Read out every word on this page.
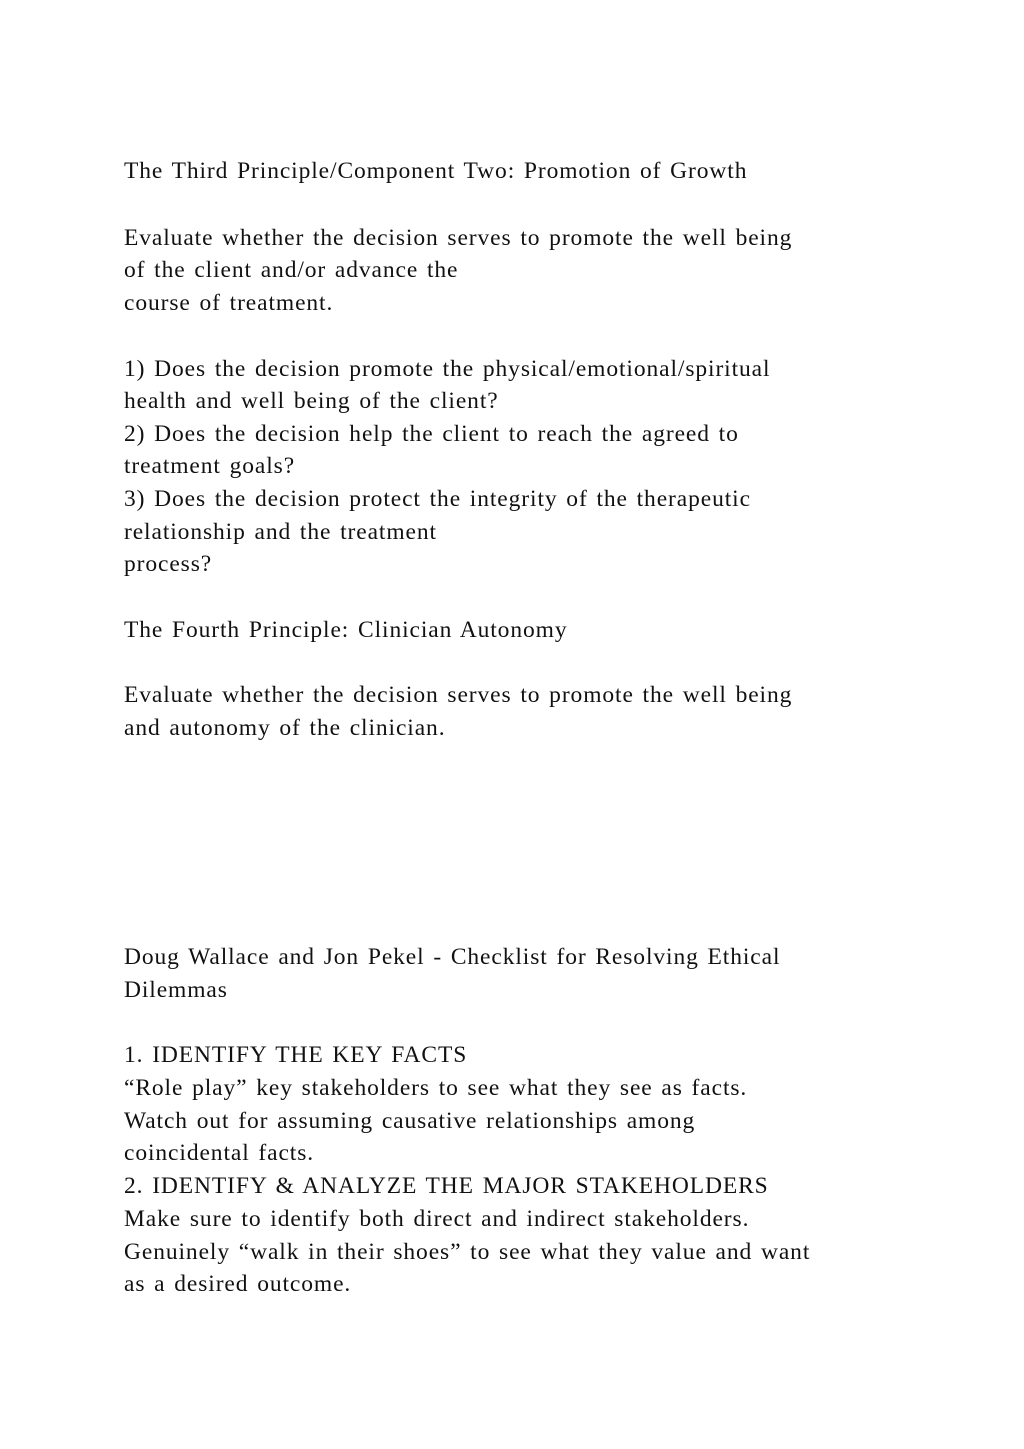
The Third Principle/Component Two: Promotion of Growth
Evaluate whether the decision serves to promote the well being
of the client and/or advance the
course of treatment.
1) Does the decision promote the physical/emotional/spiritual
health and well being of the client?
2) Does the decision help the client to reach the agreed to
treatment goals?
3) Does the decision protect the integrity of the therapeutic
relationship and the treatment
process?
The Fourth Principle: Clinician Autonomy
Evaluate whether the decision serves to promote the well being
and autonomy of the clinician.
Doug Wallace and Jon Pekel - Checklist for Resolving Ethical
Dilemmas
1. IDENTIFY THE KEY FACTS
“Role play” key stakeholders to see what they see as facts.
Watch out for assuming causative relationships among
coincidental facts.
2. IDENTIFY & ANALYZE THE MAJOR STAKEHOLDERS
Make sure to identify both direct and indirect stakeholders.
Genuinely “walk in their shoes” to see what they value and want
as a desired outcome.
